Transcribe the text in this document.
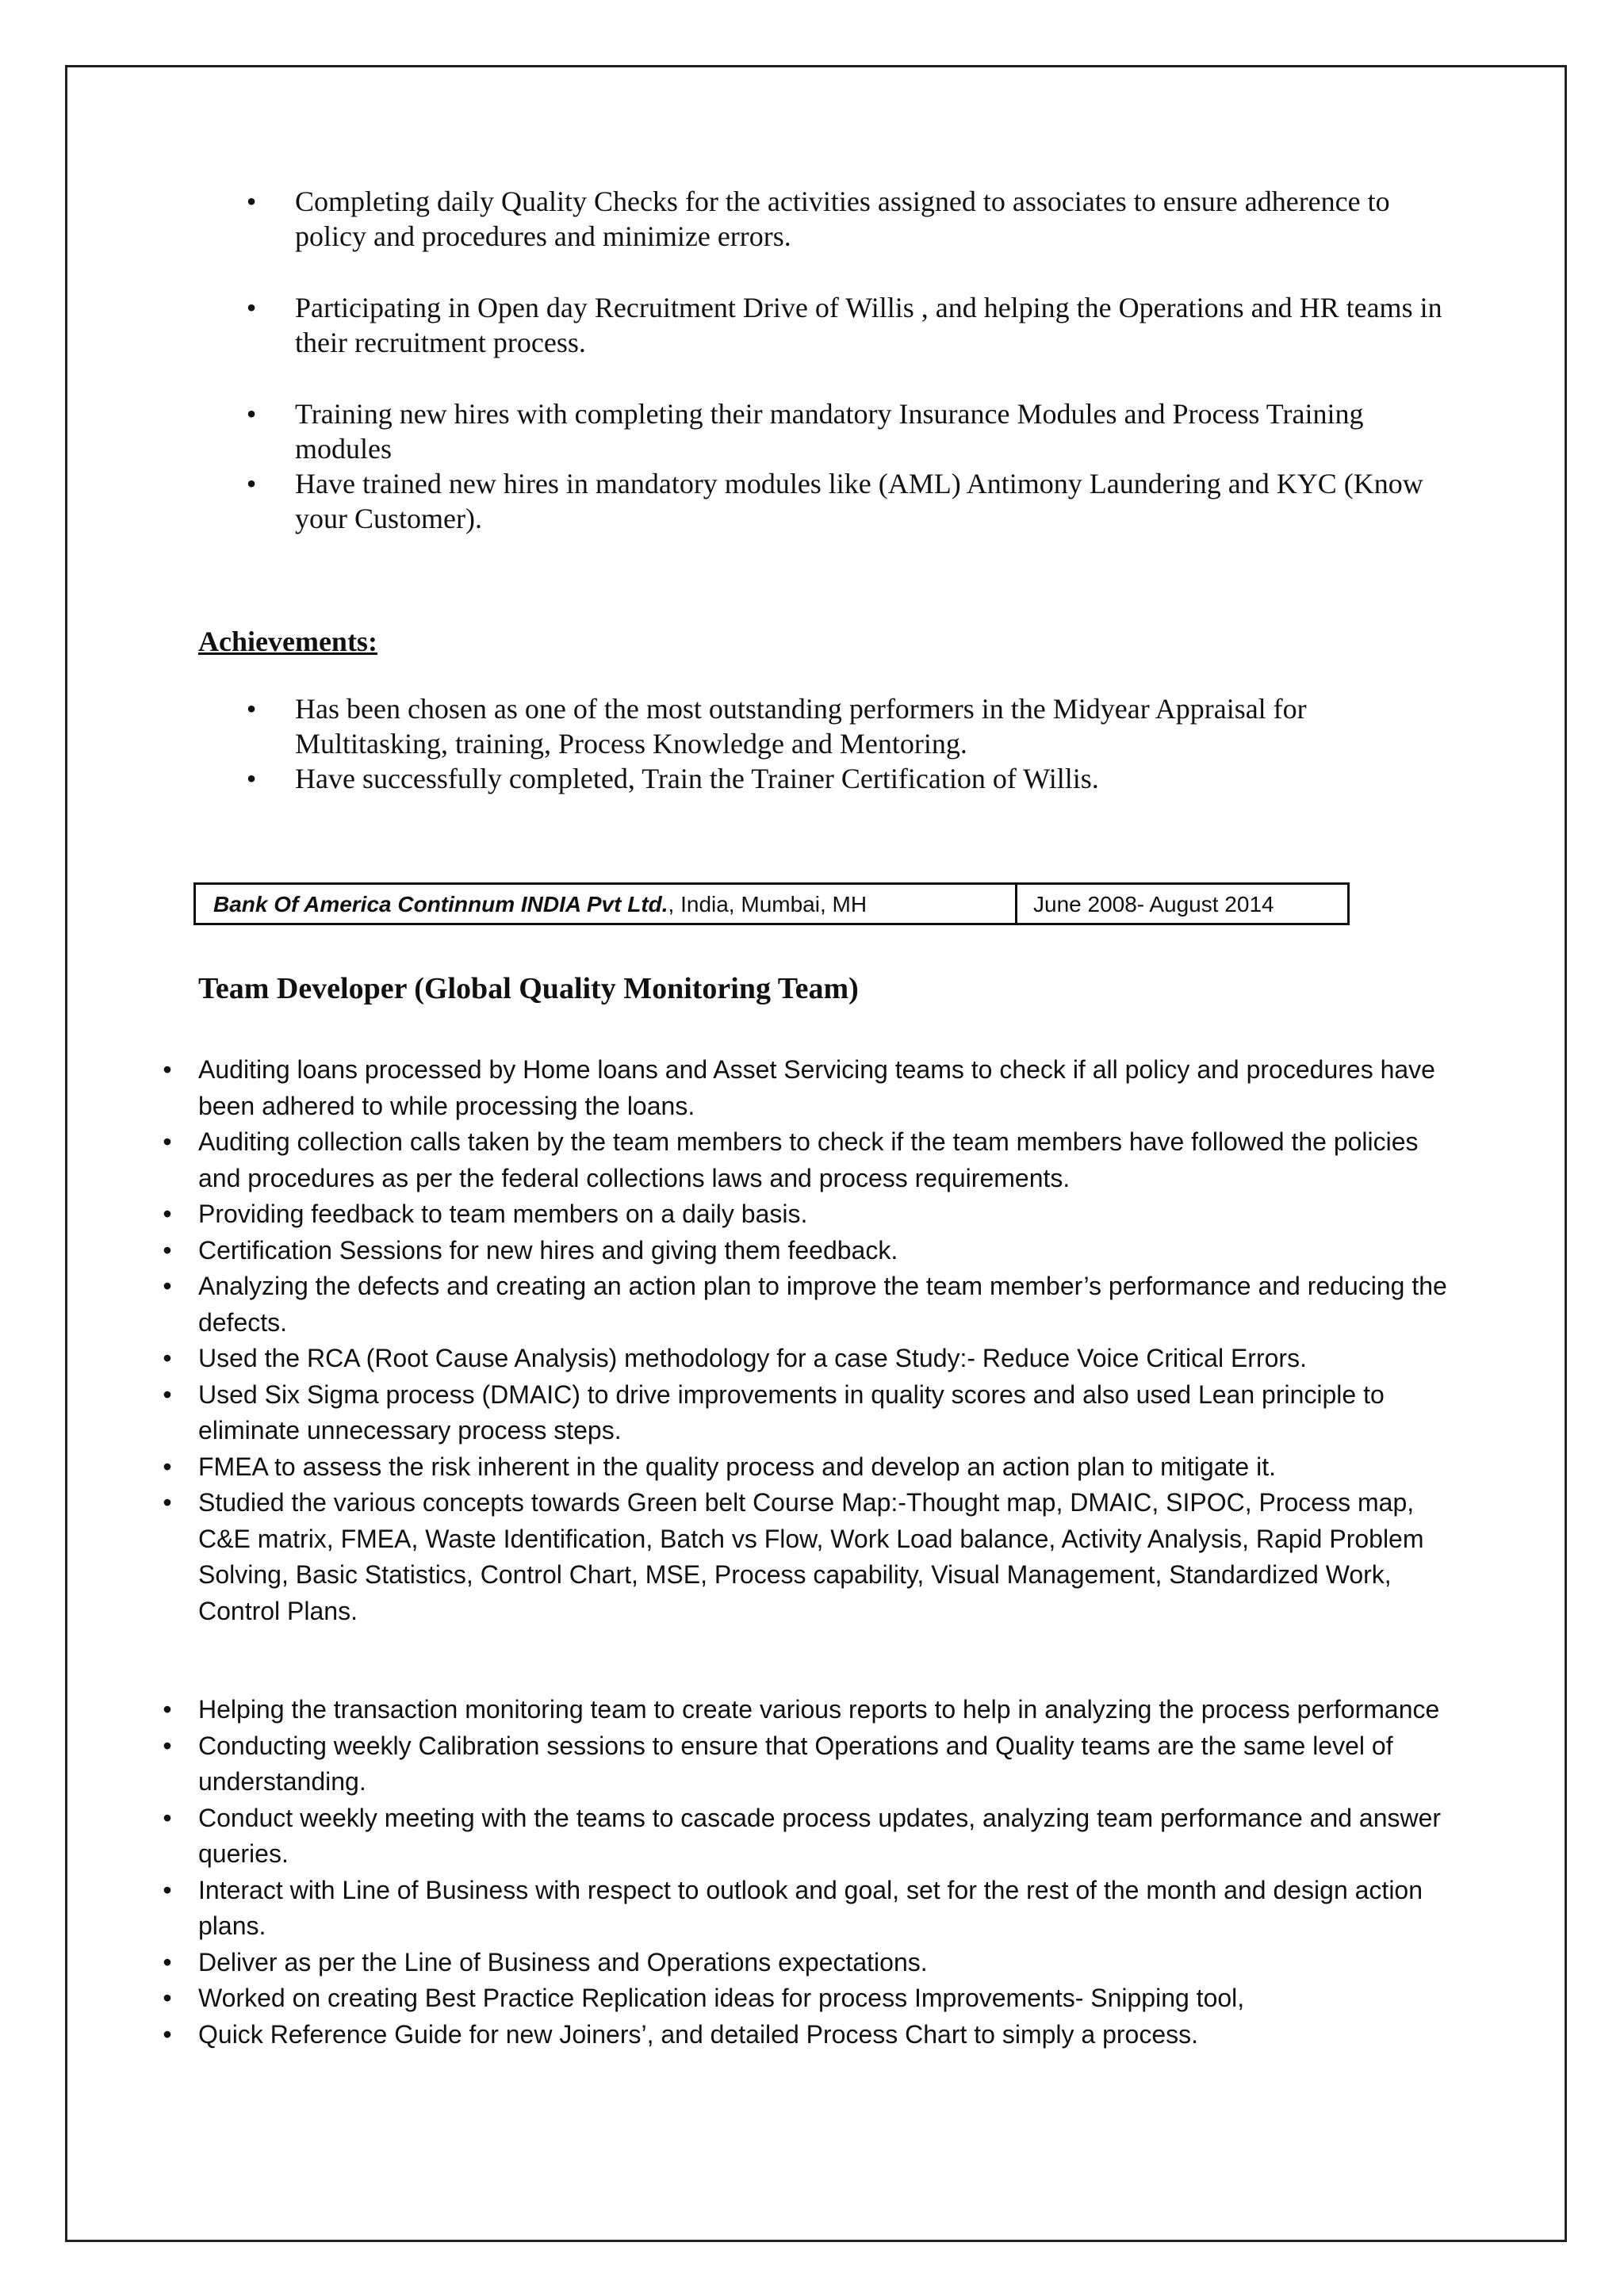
• Completing daily Quality Checks for the activities assigned to associates to ensure adherence to policy and procedures and minimize errors.
• Participating in Open day Recruitment Drive of Willis , and helping the Operations and HR teams in their recruitment process.
• Training new hires with completing their mandatory Insurance Modules and Process Training modules
• Have trained new hires in mandatory modules like (AML) Antimony Laundering and KYC (Know your Customer).
Achievements:
• Has been chosen as one of the most outstanding performers in the Midyear Appraisal for Multitasking, training, Process Knowledge and Mentoring.
• Have successfully completed, Train the Trainer Certification of Willis.
Bank Of America Continnum INDIA Pvt Ltd., India, Mumbai, MH	June 2008- August 2014
Team Developer (Global Quality Monitoring Team)
• Auditing loans processed by Home loans and Asset Servicing teams to check if all policy and procedures have been adhered to while processing the loans.
• Auditing collection calls taken by the team members to check if the team members have followed the policies and procedures as per the federal collections laws and process requirements.
• Providing feedback to team members on a daily basis.
• Certification Sessions for new hires and giving them feedback.
• Analyzing the defects and creating an action plan to improve the team member’s performance and reducing the defects.
• Used the RCA (Root Cause Analysis) methodology for a case Study:- Reduce Voice Critical Errors.
• Used Six Sigma process (DMAIC) to drive improvements in quality scores and also used Lean principle to eliminate unnecessary process steps.
• FMEA to assess the risk inherent in the quality process and develop an action plan to mitigate it.
• Studied the various concepts towards Green belt Course Map:-Thought map, DMAIC, SIPOC, Process map, C&E matrix, FMEA, Waste Identification, Batch vs Flow, Work Load balance, Activity Analysis, Rapid Problem Solving, Basic Statistics, Control Chart, MSE, Process capability, Visual Management, Standardized Work, Control Plans.
• Helping the transaction monitoring team to create various reports to help in analyzing the process performance
• Conducting weekly Calibration sessions to ensure that Operations and Quality teams are the same level of understanding.
• Conduct weekly meeting with the teams to cascade process updates, analyzing team performance and answer queries.
• Interact with Line of Business with respect to outlook and goal, set for the rest of the month and design action plans.
• Deliver as per the Line of Business and Operations expectations.
• Worked on creating Best Practice Replication ideas for process Improvements- Snipping tool,
• Quick Reference Guide for new Joiners’, and detailed Process Chart to simply a process.
